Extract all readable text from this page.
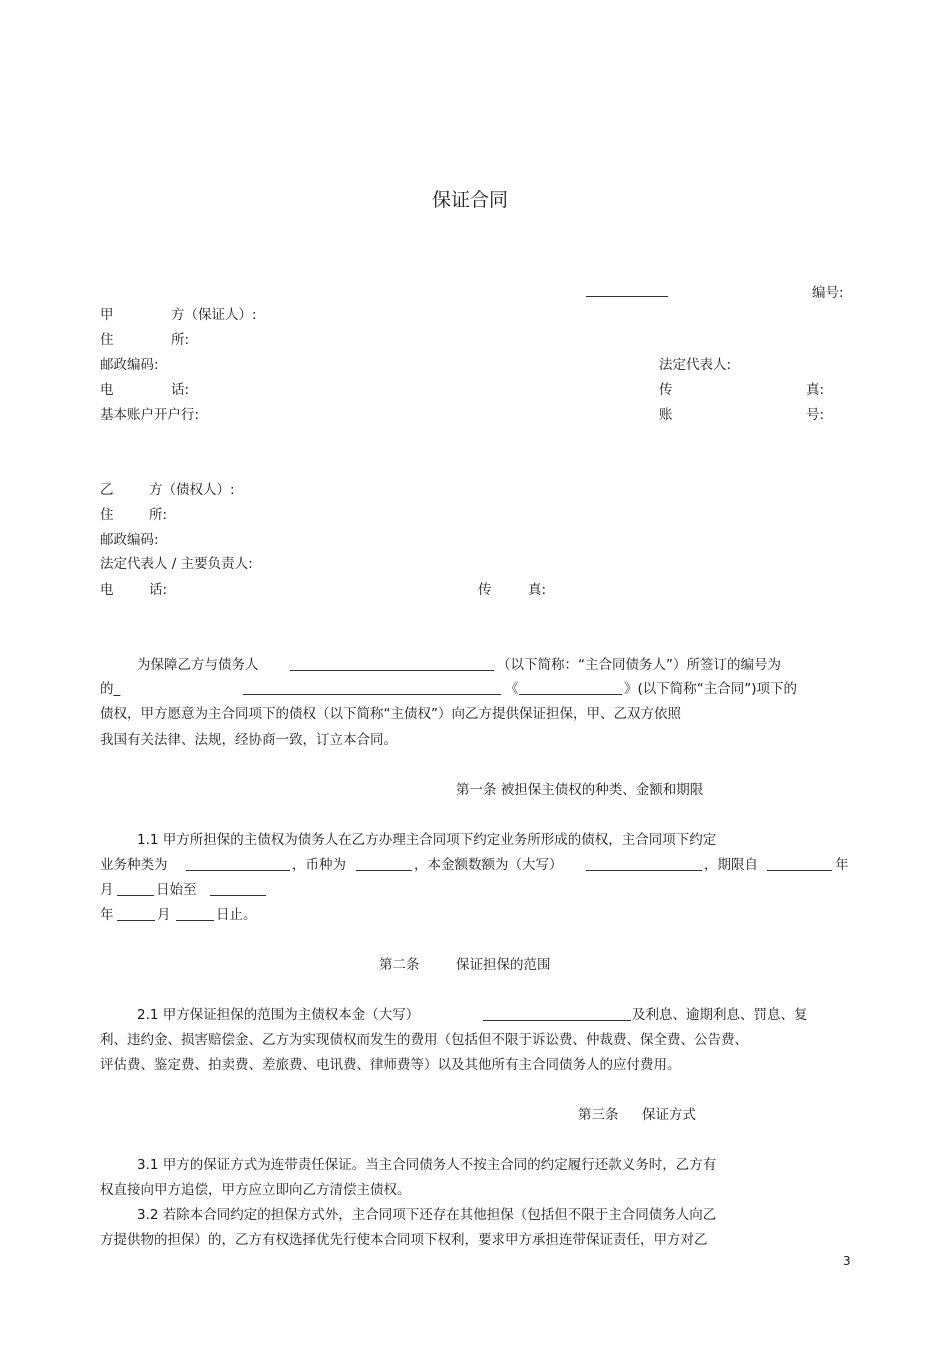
保证合同
编号:
甲	方（保证人）:
住	所:
邮政编码:	法定代表人:
电	话:	传	真:
基本账户开户行:	账	号:
乙	方（债权人）:
住	所:
邮政编码:
法定代表人 / 主要负责人:
电	话:	传	真:
为保障乙方与债务人	（以下简称：“主合同债务人”）所签订的编号为
的_	《	》(以下简称“主合同”)项下的
债权，甲方愿意为主合同项下的债权（以下简称“主债权”）向乙方提供保证担保，甲、乙双方依照
我国有关法律、法规，经协商一致，订立本合同。
第一条 被担保主债权的种类、金额和期限
1.1 甲方所担保的主债权为债务人在乙方办理主合同项下约定业务所形成的债权，主合同项下约定
业务种类为	，币种为	，本金额数额为（大写）	，期限自	年
月	日始至
年	月	日止。
第二条	保证担保的范围
2.1 甲方保证担保的范围为主债权本金（大写）	及利息、逾期利息、罚息、复
利、违约金、损害赔偿金、乙方为实现债权而发生的费用（包括但不限于诉讼费、仲裁费、保全费、公告费、
评估费、鉴定费、拍卖费、差旅费、电讯费、律师费等）以及其他所有主合同债务人的应付费用。
第三条 保证方式
3.1 甲方的保证方式为连带责任保证。当主合同债务人不按主合同的约定履行还款义务时，乙方有
权直接向甲方追偿，甲方应立即向乙方清偿主债权。
3.2 若除本合同约定的担保方式外，主合同项下还存在其他担保（包括但不限于主合同债务人向乙
方提供物的担保）的，乙方有权选择优先行使本合同项下权利，要求甲方承担连带保证责任，甲方对乙
3
